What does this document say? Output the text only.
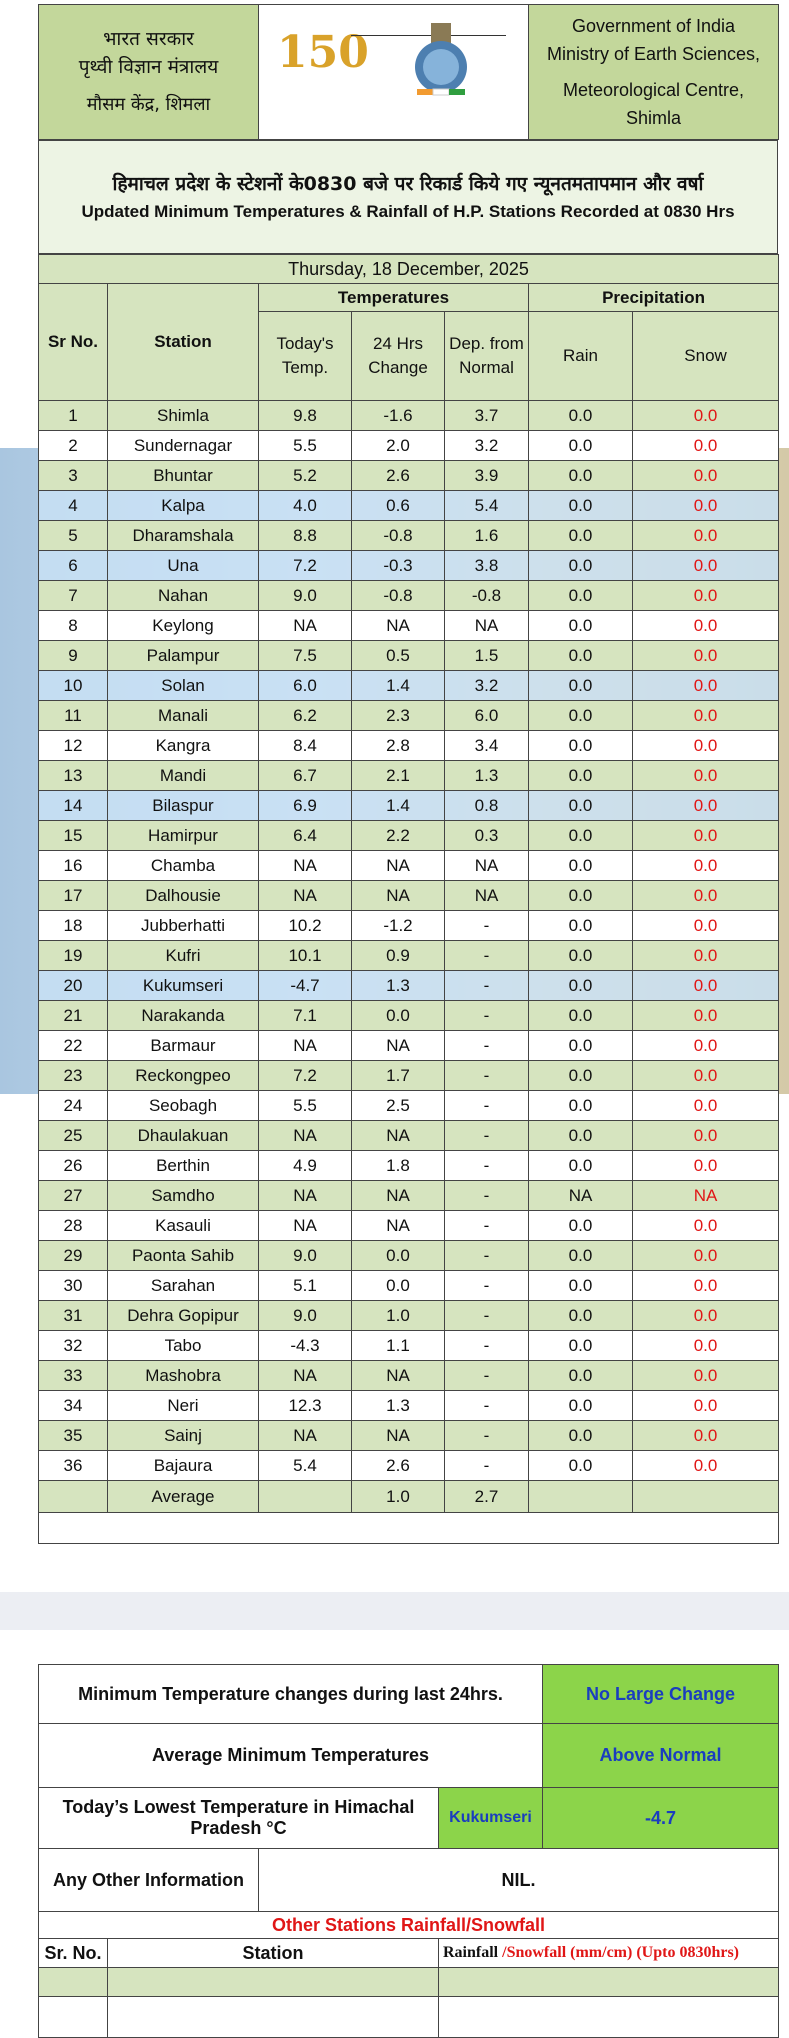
भारत सरकार
पृथ्वी विज्ञान मंत्रालय
मौसम केंद्र, शिमला

150

Government of India
Ministry of Earth Sciences,
Meteorological Centre,
Shimla
हिमाचल प्रदेश के स्टेशनों के0830 बजे पर रिकार्ड किये गए न्यूनतमतापमान और वर्षा
Updated Minimum Temperatures & Rainfall of H.P. Stations Recorded at 0830 Hrs
Thursday, 18 December, 2025						
Sr No.	Station	Temperatures			Precipitation	
		Today's Temp.	24 Hrs Change	Dep. from Normal	Rain	Snow
1	Shimla	9.8	-1.6	3.7	0.0	0.0
2	Sundernagar	5.5	2.0	3.2	0.0	0.0
3	Bhuntar	5.2	2.6	3.9	0.0	0.0
4	Kalpa	4.0	0.6	5.4	0.0	0.0
5	Dharamshala	8.8	-0.8	1.6	0.0	0.0
6	Una	7.2	-0.3	3.8	0.0	0.0
7	Nahan	9.0	-0.8	-0.8	0.0	0.0
8	Keylong	NA	NA	NA	0.0	0.0
9	Palampur	7.5	0.5	1.5	0.0	0.0
10	Solan	6.0	1.4	3.2	0.0	0.0
11	Manali	6.2	2.3	6.0	0.0	0.0
12	Kangra	8.4	2.8	3.4	0.0	0.0
13	Mandi	6.7	2.1	1.3	0.0	0.0
14	Bilaspur	6.9	1.4	0.8	0.0	0.0
15	Hamirpur	6.4	2.2	0.3	0.0	0.0
16	Chamba	NA	NA	NA	0.0	0.0
17	Dalhousie	NA	NA	NA	0.0	0.0
18	Jubberhatti	10.2	-1.2	-	0.0	0.0
19	Kufri	10.1	0.9	-	0.0	0.0
20	Kukumseri	-4.7	1.3	-	0.0	0.0
21	Narakanda	7.1	0.0	-	0.0	0.0
22	Barmaur	NA	NA	-	0.0	0.0
23	Reckongpeo	7.2	1.7	-	0.0	0.0
24	Seobagh	5.5	2.5	-	0.0	0.0
25	Dhaulakuan	NA	NA	-	0.0	0.0
26	Berthin	4.9	1.8	-	0.0	0.0
27	Samdho	NA	NA	-	NA	NA
28	Kasauli	NA	NA	-	0.0	0.0
29	Paonta Sahib	9.0	0.0	-	0.0	0.0
30	Sarahan	5.1	0.0	-	0.0	0.0
31	Dehra Gopipur	9.0	1.0	-	0.0	0.0
32	Tabo	-4.3	1.1	-	0.0	0.0
33	Mashobra	NA	NA	-	0.0	0.0
34	Neri	12.3	1.3	-	0.0	0.0
35	Sainj	NA	NA	-	0.0	0.0
36	Bajaura	5.4	2.6	-	0.0	0.0
	Average		1.0	2.7		

Minimum Temperature changes during last 24hrs.				No Large Change
Average Minimum Temperatures				Above Normal
Today’s Lowest Temperature in Himachal Pradesh °C			Kukumseri	-4.7
Any Other Information		NIL.		
Other Stations Rainfall/Snowfall				
Sr. No.	Station		Rainfall /Snowfall (mm/cm) (Upto 0830hrs)	
